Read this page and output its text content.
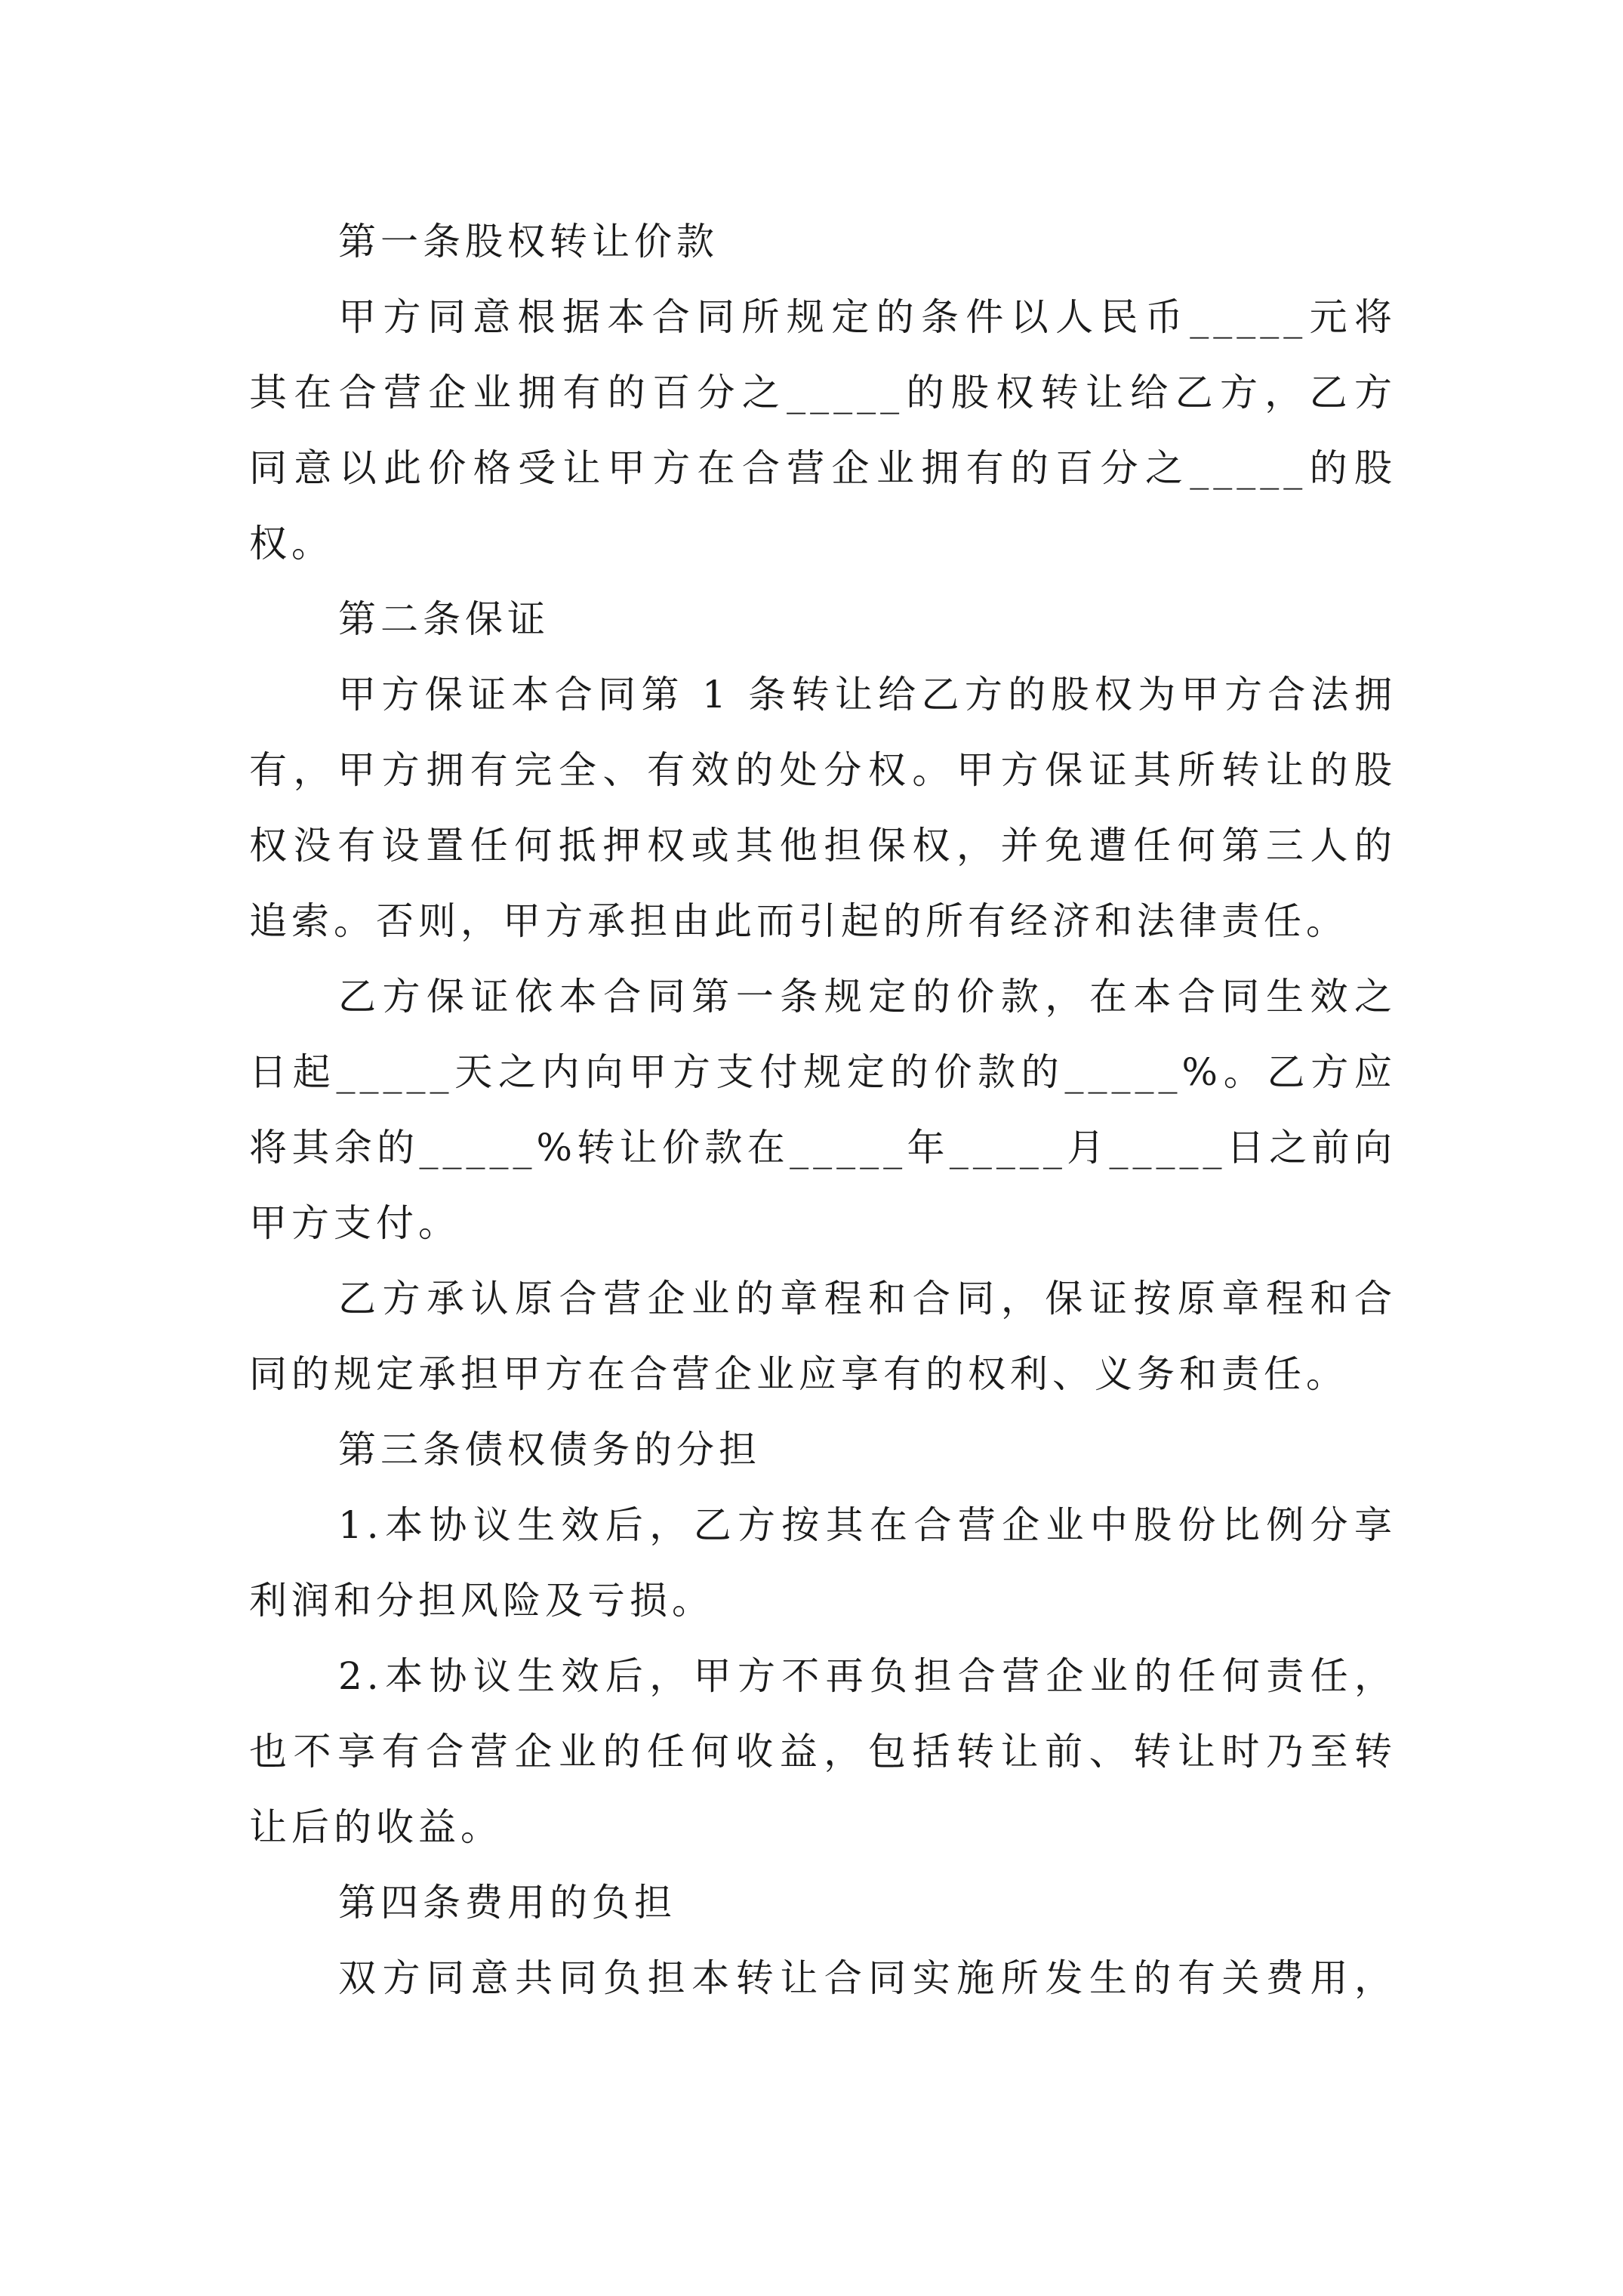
第一条股权转让价款
甲方同意根据本合同所规定的条件以人民币_____元将
其在合营企业拥有的百分之_____的股权转让给乙方，乙方
同意以此价格受让甲方在合营企业拥有的百分之_____的股
权。
第二条保证
甲方保证本合同第 1 条转让给乙方的股权为甲方合法拥
有，甲方拥有完全、有效的处分权。甲方保证其所转让的股
权没有设置任何抵押权或其他担保权，并免遭任何第三人的
追索。否则，甲方承担由此而引起的所有经济和法律责任。
乙方保证依本合同第一条规定的价款，在本合同生效之
日起_____天之内向甲方支付规定的价款的_____%。乙方应
将其余的_____%转让价款在_____年_____月_____日之前向
甲方支付。
乙方承认原合营企业的章程和合同，保证按原章程和合
同的规定承担甲方在合营企业应享有的权利、义务和责任。
第三条债权债务的分担
1.本协议生效后，乙方按其在合营企业中股份比例分享
利润和分担风险及亏损。
2.本协议生效后，甲方不再负担合营企业的任何责任，
也不享有合营企业的任何收益，包括转让前、转让时乃至转
让后的收益。
第四条费用的负担
双方同意共同负担本转让合同实施所发生的有关费用，
